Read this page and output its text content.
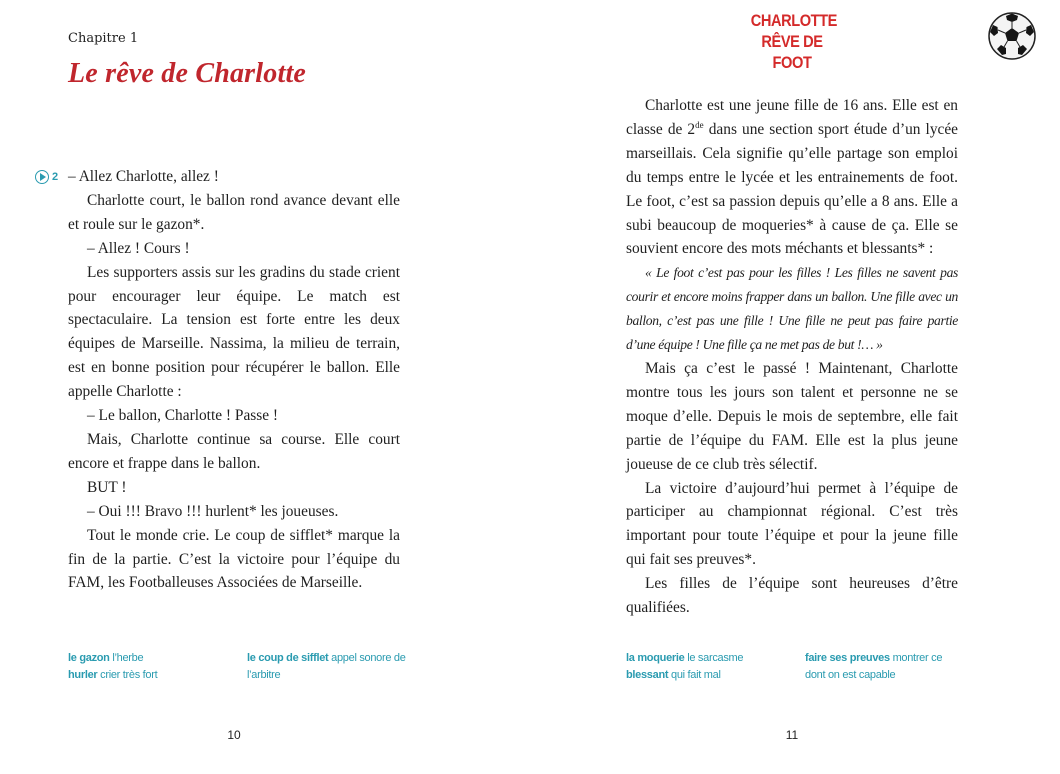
Chapitre 1
Le rêve de Charlotte
2 – Allez Charlotte, allez !

Charlotte court, le ballon rond avance devant elle et roule sur le gazon*.

– Allez ! Cours !

Les supporters assis sur les gradins du stade crient pour encourager leur équipe. Le match est spectaculaire. La tension est forte entre les deux équipes de Marseille. Nassima, la milieu de terrain, est en bonne position pour récupérer le ballon. Elle appelle Charlotte :

– Le ballon, Charlotte ! Passe !

Mais, Charlotte continue sa course. Elle court encore et frappe dans le ballon.

BUT !

– Oui !!! Bravo !!! hurlent* les joueuses.

Tout le monde crie. Le coup de sifflet* marque la fin de la partie. C’est la victoire pour l’équipe du FAM, les Footballeuses Associées de Marseille.

le gazon l’herbe
hurler crier très fort
le coup de sifflet appel sonore de l’arbitre
10
CHARLOTTE
RÊVE DE FOOT

Charlotte est une jeune fille de 16 ans. Elle est en classe de 2de dans une section sport étude d’un lycée marseillais. Cela signifie qu’elle partage son emploi du temps entre le lycée et les entrainements de foot. Le foot, c’est sa passion depuis qu’elle a 8 ans. Elle a subi beaucoup de moqueries* à cause de ça. Elle se souvient encore des mots méchants et blessants* :

« Le foot c’est pas pour les filles ! Les filles ne savent pas courir et encore moins frapper dans un ballon. Une fille avec un ballon, c’est pas une fille ! Une fille ne peut pas faire partie d’une équipe ! Une fille ça ne met pas de but !… »

Mais ça c’est le passé ! Maintenant, Charlotte montre tous les jours son talent et personne ne se moque d’elle. Depuis le mois de septembre, elle fait partie de l’équipe du FAM. Elle est la plus jeune joueuse de ce club très sélectif.

La victoire d’aujourd’hui permet à l’équipe de participer au championnat régional. C’est très important pour toute l’équipe et pour la jeune fille qui fait ses preuves*.

Les filles de l’équipe sont heureuses d’être qualifiées.

la moquerie le sarcasme
blessant qui fait mal
faire ses preuves montrer ce dont on est capable
11
